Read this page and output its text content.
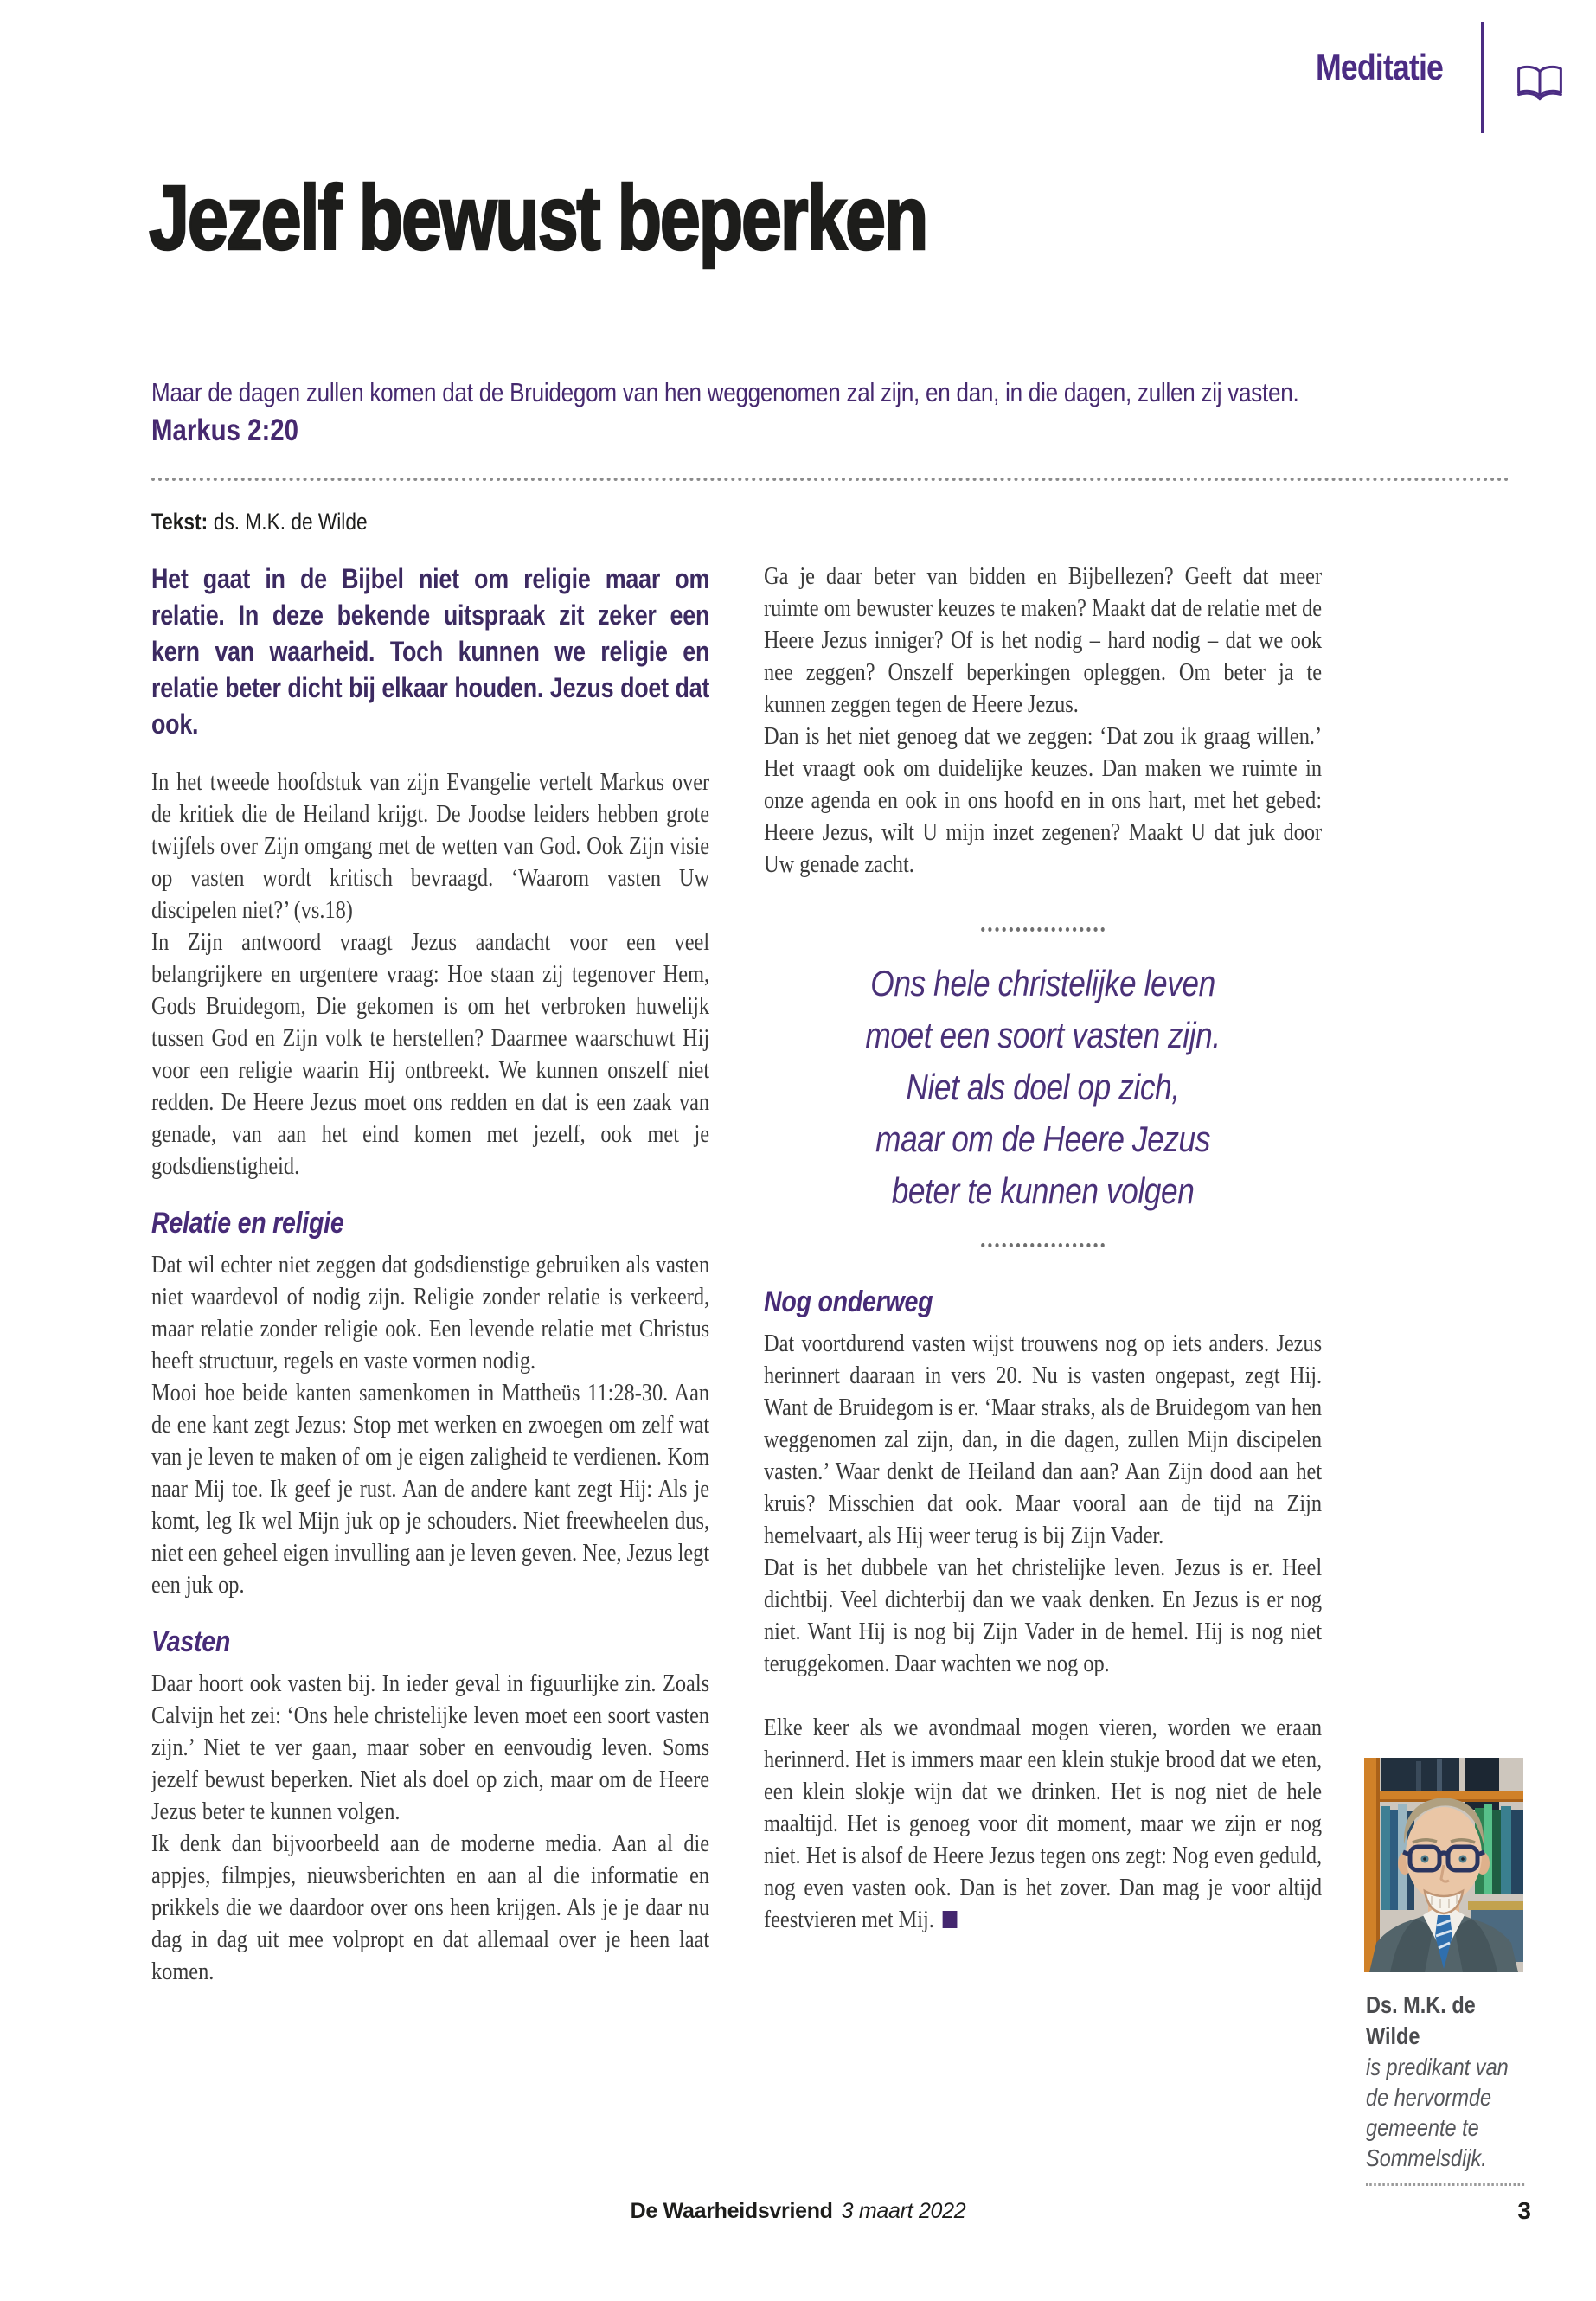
Meditatie
Jezelf bewust beperken
Maar de dagen zullen komen dat de Bruidegom van hen weggenomen zal zijn, en dan, in die dagen, zullen zij vasten.
Markus 2:20
Tekst: ds. M.K. de Wilde

Het gaat in de Bijbel niet om religie maar om relatie. In deze bekende uitspraak zit zeker een kern van waarheid. Toch kunnen we religie en relatie beter dicht bij elkaar houden. Jezus doet dat ook.

In het tweede hoofdstuk van zijn Evangelie vertelt Markus over de kritiek die de Heiland krijgt. De Joodse leiders hebben grote twijfels over Zijn omgang met de wetten van God. Ook Zijn visie op vasten wordt kritisch bevraagd. ‘Waarom vasten Uw discipelen niet?’ (vs.18)

In Zijn antwoord vraagt Jezus aandacht voor een veel belangrijkere en urgentere vraag: Hoe staan zij tegenover Hem, Gods Bruidegom, Die gekomen is om het verbroken huwelijk tussen God en Zijn volk te herstellen? Daarmee waarschuwt Hij voor een religie waarin Hij ontbreekt. We kunnen onszelf niet redden. De Heere Jezus moet ons redden en dat is een zaak van genade, van aan het eind komen met jezelf, ook met je godsdienstigheid.

Relatie en religie

Dat wil echter niet zeggen dat godsdienstige gebruiken als vasten niet waardevol of nodig zijn. Religie zonder relatie is verkeerd, maar relatie zonder religie ook. Een levende relatie met Christus heeft structuur, regels en vaste vormen nodig.

Mooi hoe beide kanten samenkomen in Mattheüs 11:28-30. Aan de ene kant zegt Jezus: Stop met werken en zwoegen om zelf wat van je leven te maken of om je eigen zaligheid te verdienen. Kom naar Mij toe. Ik geef je rust. Aan de andere kant zegt Hij: Als je komt, leg Ik wel Mijn juk op je schouders. Niet freewheelen dus, niet een geheel eigen invulling aan je leven geven. Nee, Jezus legt een juk op.

Vasten

Daar hoort ook vasten bij. In ieder geval in figuurlijke zin. Zoals Calvijn het zei: ‘Ons hele christelijke leven moet een soort vasten zijn.’ Niet te ver gaan, maar sober en eenvoudig leven. Soms jezelf bewust beperken. Niet als doel op zich, maar om de Heere Jezus beter te kunnen volgen.

Ik denk dan bijvoorbeeld aan de moderne media. Aan al die appjes, filmpjes, nieuwsberichten en aan al die informatie en prikkels die we daardoor over ons heen krijgen. Als je je daar nu dag in dag uit mee volpropt en dat allemaal over je heen laat komen.

Ga je daar beter van bidden en Bijbellezen? Geeft dat meer ruimte om bewuster keuzes te maken? Maakt dat de relatie met de Heere Jezus inniger? Of is het nodig – hard nodig – dat we ook nee zeggen? Onszelf beperkingen opleggen. Om beter ja te kunnen zeggen tegen de Heere Jezus.

Dan is het niet genoeg dat we zeggen: ‘Dat zou ik graag willen.’ Het vraagt ook om duidelijke keuzes. Dan maken we ruimte in onze agenda en ook in ons hoofd en in ons hart, met het gebed: Heere Jezus, wilt U mijn inzet zegenen? Maakt U dat juk door Uw genade zacht.

Ons hele christelijke leven
moet een soort vasten zijn.
Niet als doel op zich,
maar om de Heere Jezus
beter te kunnen volgen
Nog onderweg

Dat voortdurend vasten wijst trouwens nog op iets anders. Jezus herinnert daaraan in vers 20. Nu is vasten ongepast, zegt Hij. Want de Bruidegom is er. ‘Maar straks, als de Bruidegom van hen weggenomen zal zijn, dan, in die dagen, zullen Mijn discipelen vasten.’ Waar denkt de Heiland dan aan? Aan Zijn dood aan het kruis? Misschien dat ook. Maar vooral aan de tijd na Zijn hemelvaart, als Hij weer terug is bij Zijn Vader.

Dat is het dubbele van het christelijke leven. Jezus is er. Heel dichtbij. Veel dichterbij dan we vaak denken. En Jezus is er nog niet. Want Hij is nog bij Zijn Vader in de hemel. Hij is nog niet teruggekomen. Daar wachten we nog op.

Elke keer als we avondmaal mogen vieren, worden we eraan herinnerd. Het is immers maar een klein stukje brood dat we eten, een klein slokje wijn dat we drinken. Het is nog niet de hele maaltijd. Het is genoeg voor dit moment, maar we zijn er nog niet. Het is alsof de Heere Jezus tegen ons zegt: Nog even geduld, nog even vasten ook. Dan is het zover. Dan mag je voor altijd feestvieren met Mij.

Ds. M.K. de Wilde
is predikant van de hervormde gemeente te Sommelsdijk.
De Waarheidsvriend 3 maart 2022	3
